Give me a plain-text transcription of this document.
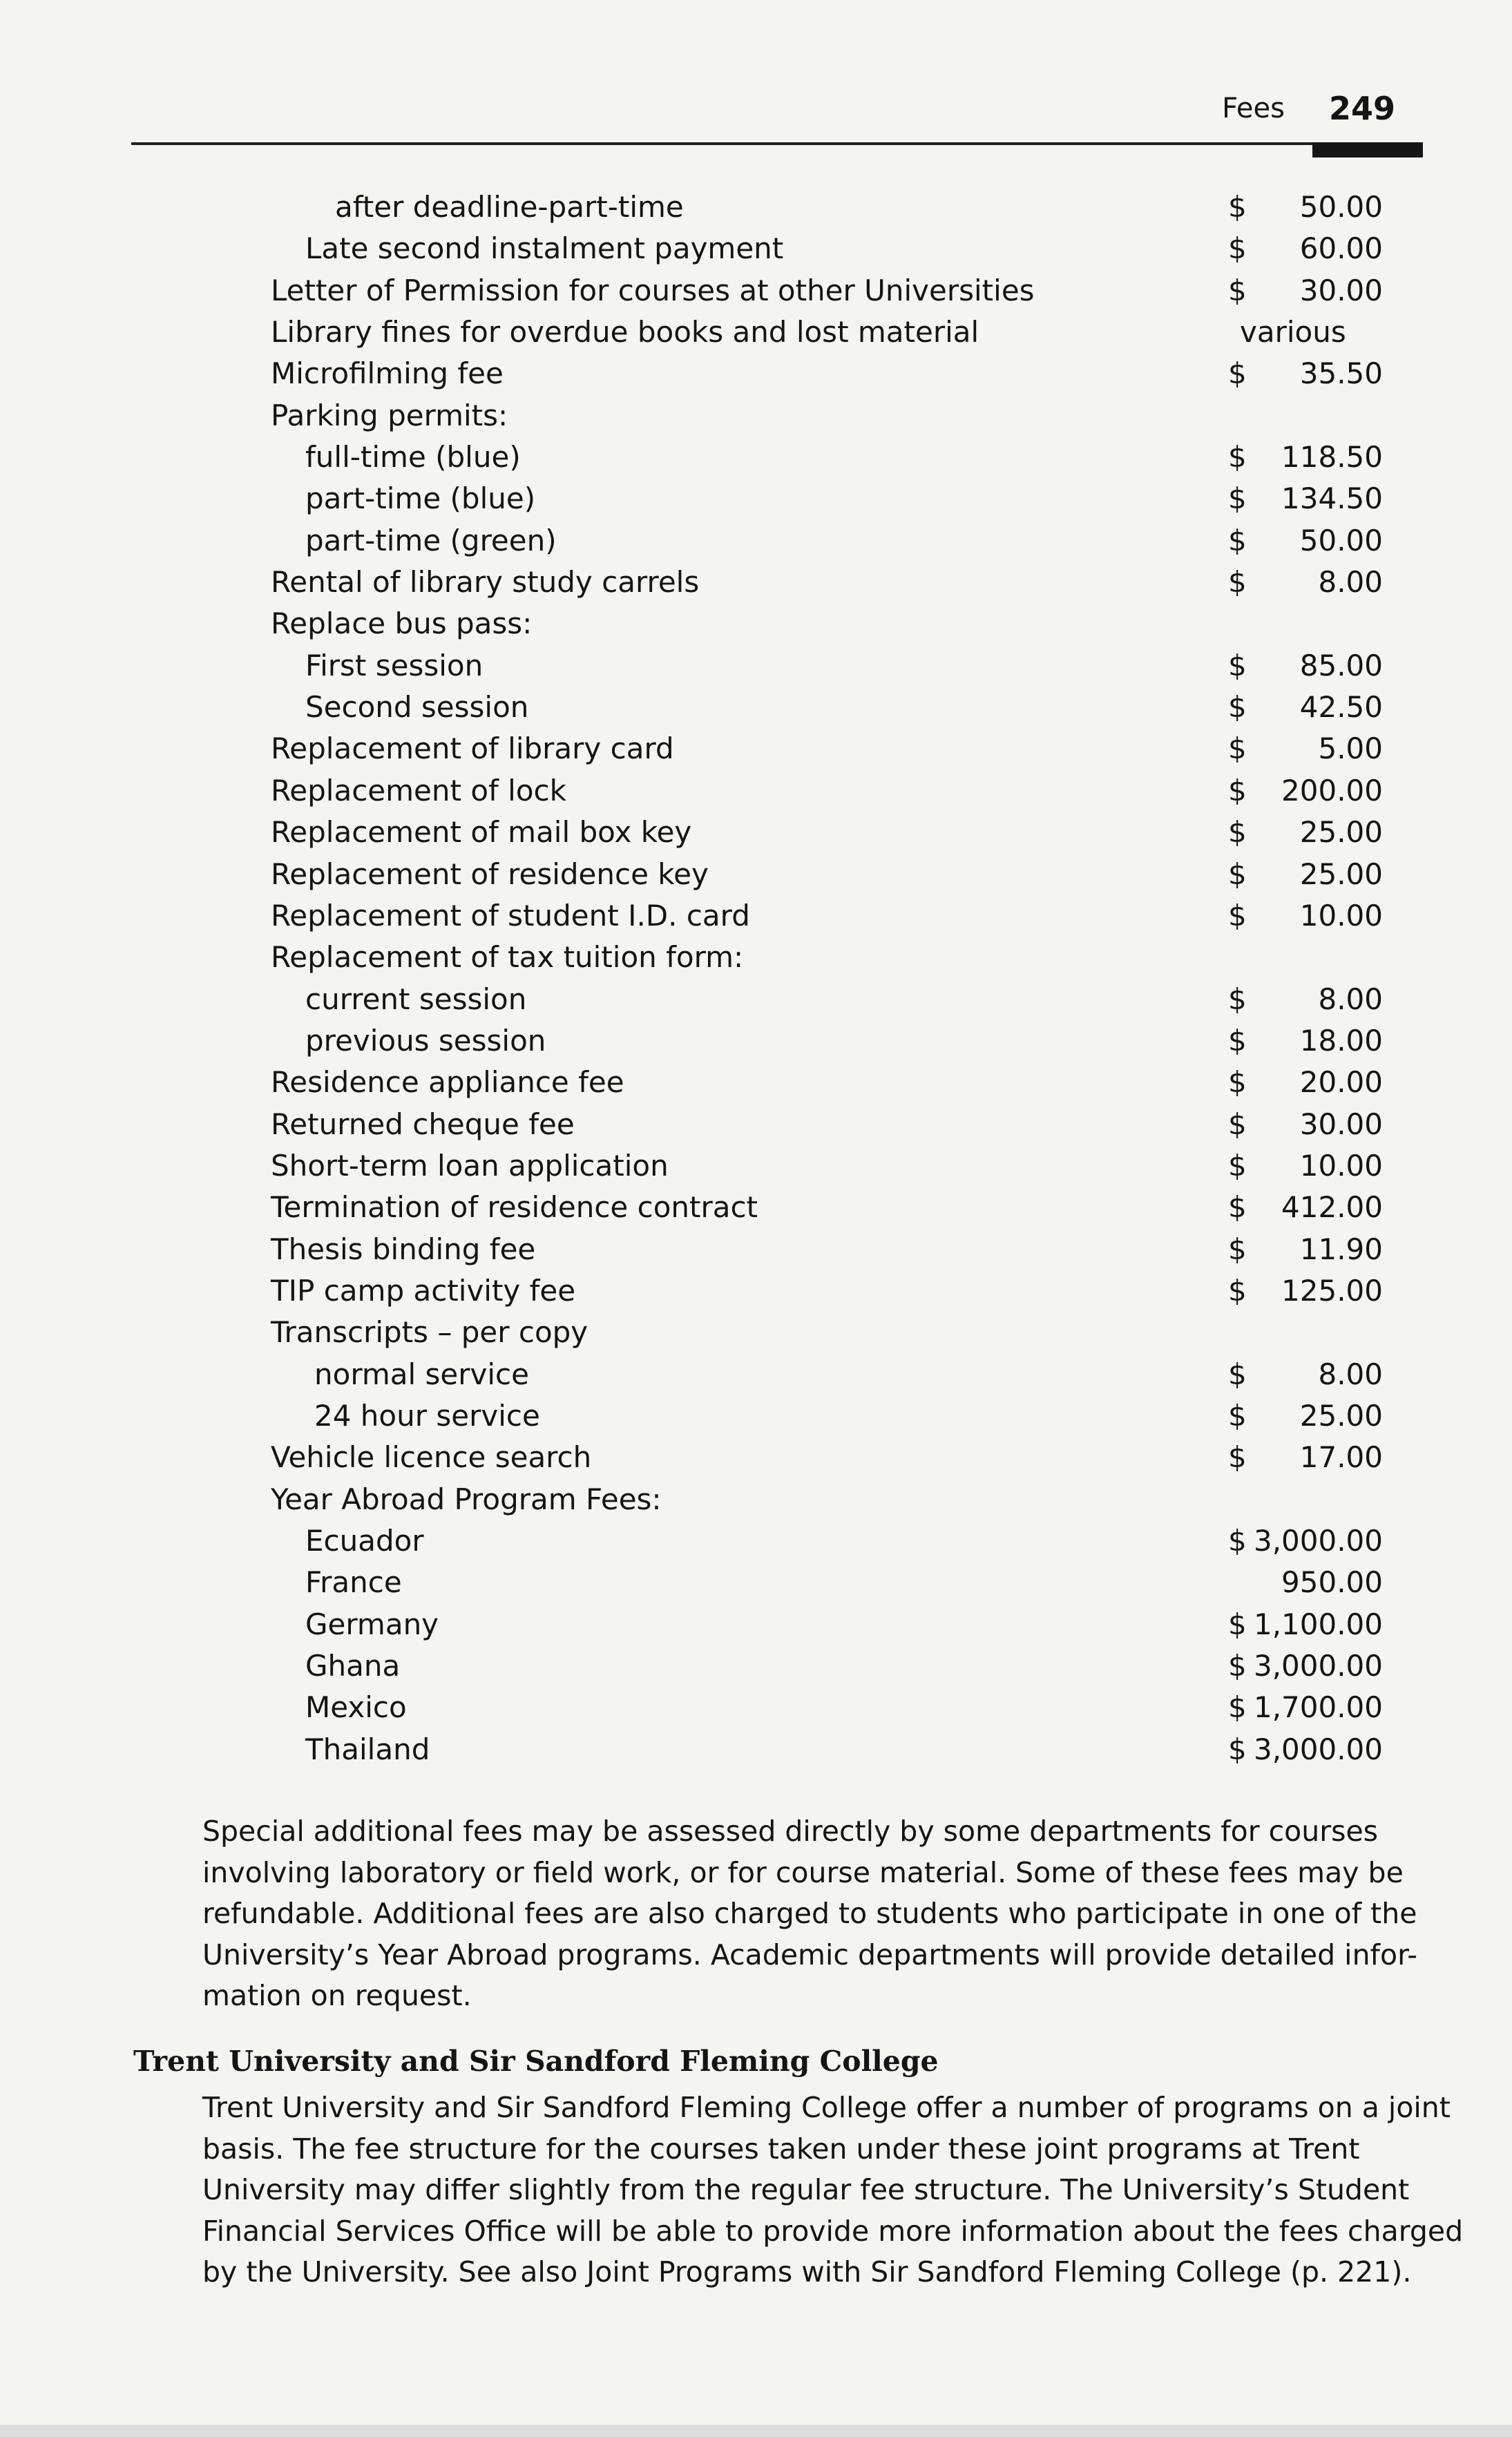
Fees 249
after deadline-part-time	$ 50.00
Late second instalment payment	$ 60.00
Letter of Permission for courses at other Universities	$ 30.00
Library fines for overdue books and lost material	various
Microfilming fee	$ 35.50
Parking permits:
full-time (blue)	$ 118.50
part-time (blue)	$ 134.50
part-time (green)	$ 50.00
Rental of library study carrels	$ 8.00
Replace bus pass:
First session	$ 85.00
Second session	$ 42.50
Replacement of library card	$ 5.00
Replacement of lock	$ 200.00
Replacement of mail box key	$ 25.00
Replacement of residence key	$ 25.00
Replacement of student I.D. card	$ 10.00
Replacement of tax tuition form:
current session	$ 8.00
previous session	$ 18.00
Residence appliance fee	$ 20.00
Returned cheque fee	$ 30.00
Short-term loan application	$ 10.00
Termination of residence contract	$ 412.00
Thesis binding fee	$ 11.90
TIP camp activity fee	$ 125.00
Transcripts – per copy
normal service	$ 8.00
24 hour service	$ 25.00
Vehicle licence search	$ 17.00
Year Abroad Program Fees:
Ecuador	$ 3,000.00
France	950.00
Germany	$ 1,100.00
Ghana	$ 3,000.00
Mexico	$ 1,700.00
Thailand	$ 3,000.00
Special additional fees may be assessed directly by some departments for courses
involving laboratory or field work, or for course material. Some of these fees may be
refundable. Additional fees are also charged to students who participate in one of the
University’s Year Abroad programs. Academic departments will provide detailed infor-
mation on request.
Trent University and Sir Sandford Fleming College
Trent University and Sir Sandford Fleming College offer a number of programs on a joint
basis. The fee structure for the courses taken under these joint programs at Trent
University may differ slightly from the regular fee structure. The University’s Student
Financial Services Office will be able to provide more information about the fees charged
by the University. See also Joint Programs with Sir Sandford Fleming College (p. 221).
